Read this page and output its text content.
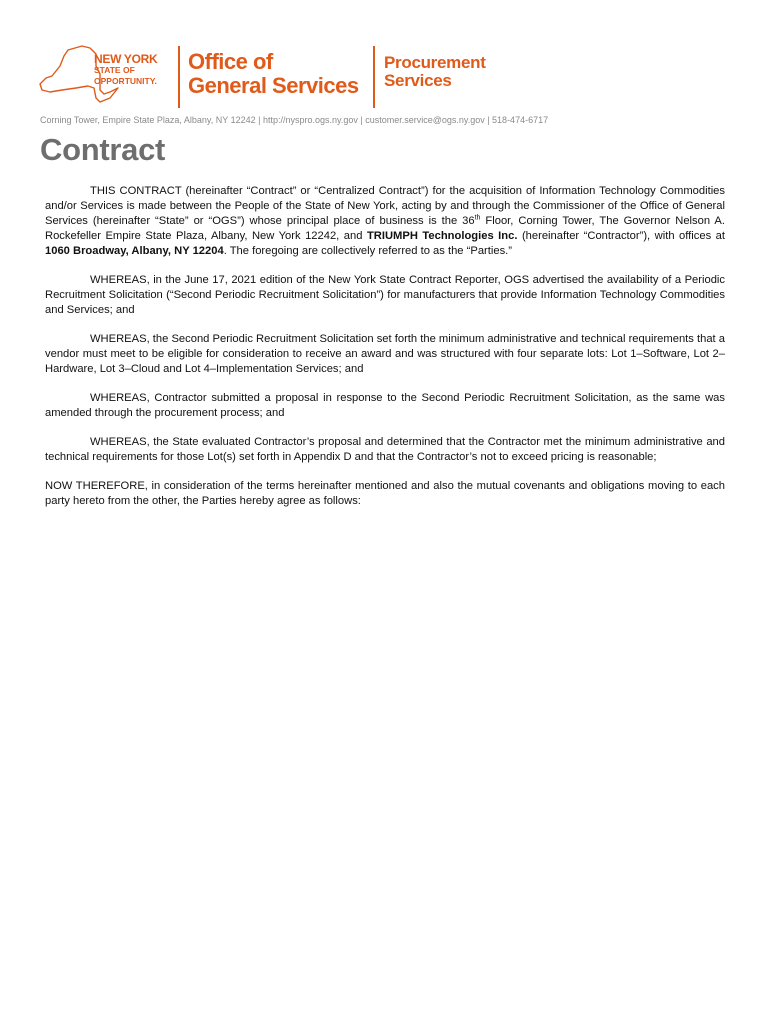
NEW YORK
STATE OF
OPPORTUNITY.
Office of
General Services
Procurement
Services
Corning Tower, Empire State Plaza, Albany, NY 12242 | http://nyspro.ogs.ny.gov | customer.service@ogs.ny.gov | 518-474-6717
Contract

THIS CONTRACT (hereinafter “Contract” or “Centralized Contract”) for the acquisition of Information Technology Commodities and/or Services is made between the People of the State of New York, acting by and through the Commissioner of the Office of General Services (hereinafter “State” or “OGS”) whose principal place of business is the 36th Floor, Corning Tower, The Governor Nelson A. Rockefeller Empire State Plaza, Albany, New York 12242, and TRIUMPH Technologies Inc. (hereinafter “Contractor”), with offices at 1060 Broadway, Albany, NY 12204. The foregoing are collectively referred to as the “Parties.”

WHEREAS, in the June 17, 2021 edition of the New York State Contract Reporter, OGS advertised the availability of a Periodic Recruitment Solicitation (“Second Periodic Recruitment Solicitation”) for manufacturers that provide Information Technology Commodities and Services; and

WHEREAS, the Second Periodic Recruitment Solicitation set forth the minimum administrative and technical requirements that a vendor must meet to be eligible for consideration to receive an award and was structured with four separate lots: Lot 1–Software, Lot 2–Hardware, Lot 3–Cloud and Lot 4–Implementation Services; and

WHEREAS, Contractor submitted a proposal in response to the Second Periodic Recruitment Solicitation, as the same was amended through the procurement process; and

WHEREAS, the State evaluated Contractor’s proposal and determined that the Contractor met the minimum administrative and technical requirements for those Lot(s) set forth in Appendix D and that the Contractor’s not to exceed pricing is reasonable;

NOW THEREFORE, in consideration of the terms hereinafter mentioned and also the mutual covenants and obligations moving to each party hereto from the other, the Parties hereby agree as follows:
